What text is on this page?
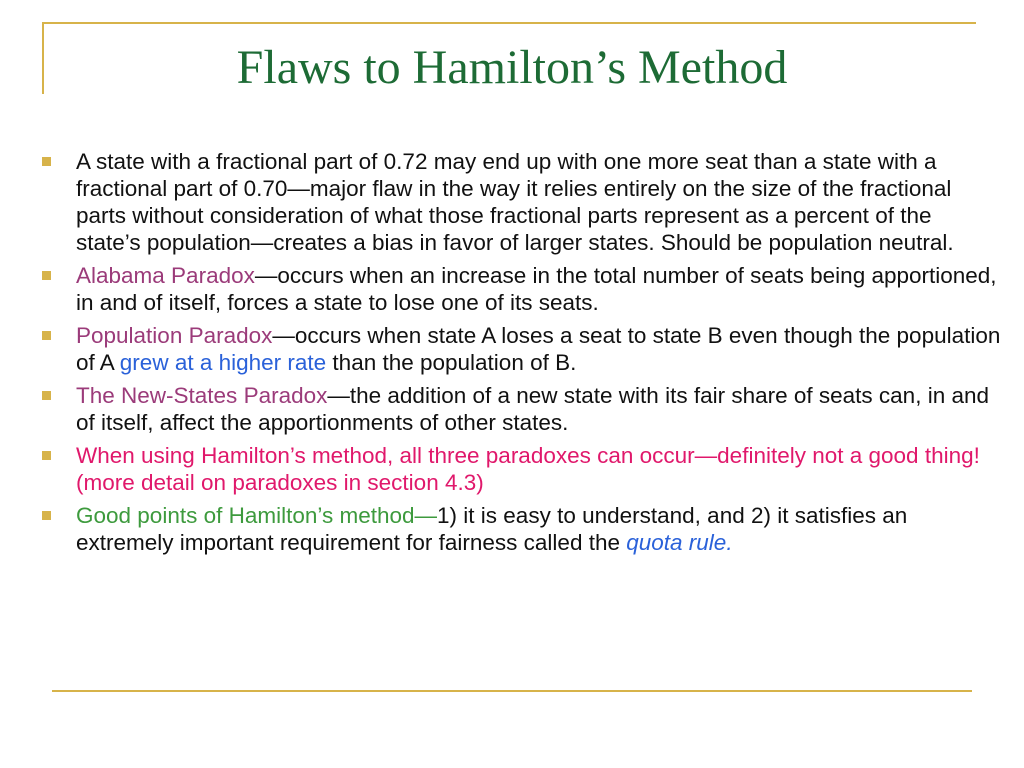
Flaws to Hamilton’s Method
A state with a fractional part of 0.72 may end up with one more seat than a state with a fractional part of 0.70—major flaw in the way it relies entirely on the size of the fractional parts without consideration of what those fractional parts represent as a percent of the state’s population—creates a bias in favor of larger states. Should be population neutral.
Alabama Paradox—occurs when an increase in the total number of seats being apportioned, in and of itself, forces a state to lose one of its seats.
Population Paradox—occurs when state A loses a seat to state B even though the population of A grew at a higher rate than the population of B.
The New-States Paradox—the addition of a new state with its fair share of seats can, in and of itself, affect the apportionments of other states.
When using Hamilton’s method, all three paradoxes can occur—definitely not a good thing! (more detail on paradoxes in section 4.3)
Good points of Hamilton’s method—1) it is easy to understand, and 2) it satisfies an extremely important requirement for fairness called the quota rule.
